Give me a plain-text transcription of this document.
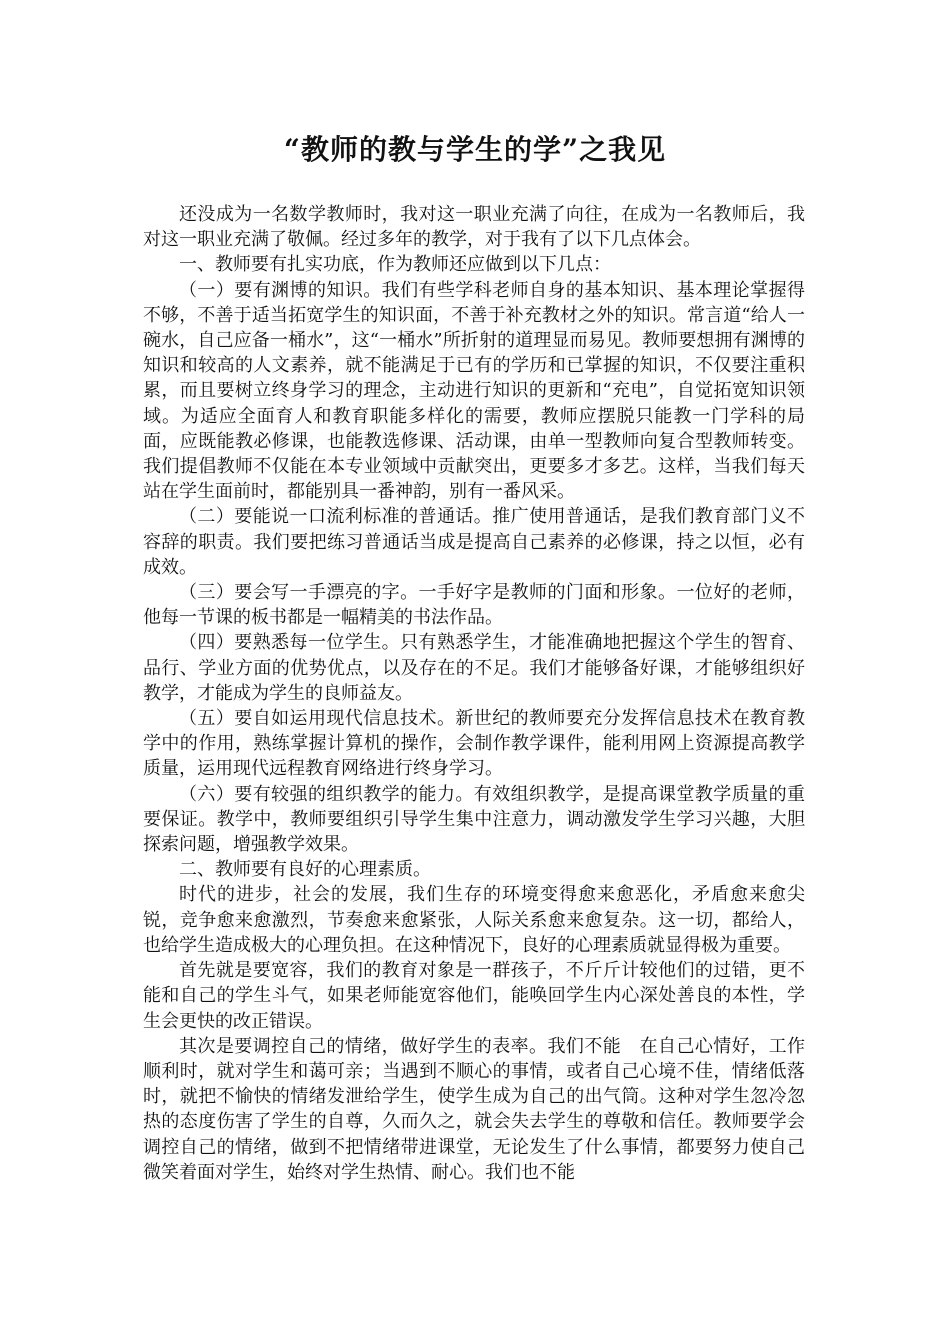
“教师的教与学生的学”之我见

还没成为一名数学教师时，我对这一职业充满了向往，在成为一名教师后，我对这一职业充满了敬佩。经过多年的教学，对于我有了以下几点体会。

一、教师要有扎实功底，作为教师还应做到以下几点：

（一）要有渊博的知识。我们有些学科老师自身的基本知识、基本理论掌握得不够，不善于适当拓宽学生的知识面，不善于补充教材之外的知识。常言道“给人一碗水，自己应备一桶水”，这“一桶水”所折射的道理显而易见。教师要想拥有渊博的知识和较高的人文素养，就不能满足于已有的学历和已掌握的知识，不仅要注重积累，而且要树立终身学习的理念，主动进行知识的更新和“充电”，自觉拓宽知识领域。为适应全面育人和教育职能多样化的需要，教师应摆脱只能教一门学科的局面，应既能教必修课，也能教选修课、活动课，由单一型教师向复合型教师转变。我们提倡教师不仅能在本专业领域中贡献突出，更要多才多艺。这样，当我们每天站在学生面前时，都能别具一番神韵，别有一番风采。

（二）要能说一口流利标准的普通话。推广使用普通话，是我们教育部门义不容辞的职责。我们要把练习普通话当成是提高自己素养的必修课，持之以恒，必有成效。

（三）要会写一手漂亮的字。一手好字是教师的门面和形象。一位好的老师，他每一节课的板书都是一幅精美的书法作品。

（四）要熟悉每一位学生。只有熟悉学生，才能准确地把握这个学生的智育、品行、学业方面的优势优点，以及存在的不足。我们才能够备好课，才能够组织好教学，才能成为学生的良师益友。

（五）要自如运用现代信息技术。新世纪的教师要充分发挥信息技术在教育教学中的作用，熟练掌握计算机的操作，会制作教学课件，能利用网上资源提高教学质量，运用现代远程教育网络进行终身学习。

（六）要有较强的组织教学的能力。有效组织教学，是提高课堂教学质量的重要保证。教学中，教师要组织引导学生集中注意力，调动激发学生学习兴趣，大胆探索问题，增强教学效果。

二、教师要有良好的心理素质。

时代的进步，社会的发展，我们生存的环境变得愈来愈恶化，矛盾愈来愈尖锐，竞争愈来愈激烈，节奏愈来愈紧张，人际关系愈来愈复杂。这一切，都给人，也给学生造成极大的心理负担。在这种情况下，良好的心理素质就显得极为重要。

首先就是要宽容，我们的教育对象是一群孩子，不斤斤计较他们的过错，更不能和自己的学生斗气，如果老师能宽容他们，能唤回学生内心深处善良的本性，学生会更快的改正错误。

其次是要调控自己的情绪，做好学生的表率。我们不能　在自己心情好，工作顺利时，就对学生和蔼可亲；当遇到不顺心的事情，或者自己心境不佳，情绪低落时，就把不愉快的情绪发泄给学生，使学生成为自己的出气筒。这种对学生忽冷忽热的态度伤害了学生的自尊，久而久之，就会失去学生的尊敬和信任。教师要学会调控自己的情绪，做到不把情绪带进课堂，无论发生了什么事情，都要努力使自己微笑着面对学生，始终对学生热情、耐心。我们也不能
